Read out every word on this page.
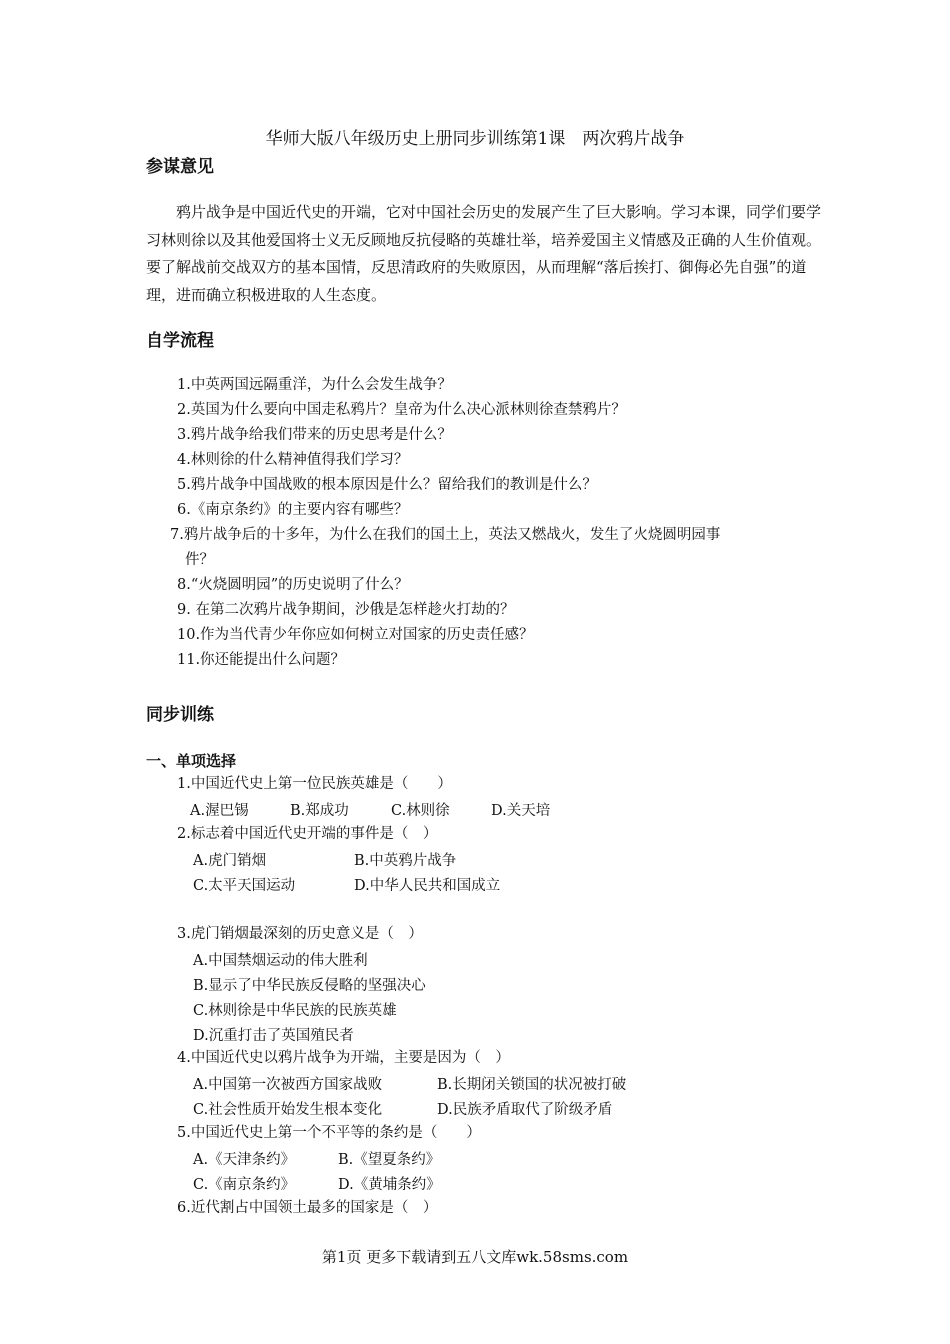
华师大版八年级历史上册同步训练第1课　两次鸦片战争
参谋意见
鸦片战争是中国近代史的开端，它对中国社会历史的发展产生了巨大影响。学习本课，同学们要学习林则徐以及其他爱国将士义无反顾地反抗侵略的英雄壮举，培养爱国主义情感及正确的人生价值观。要了解战前交战双方的基本国情，反思清政府的失败原因，从而理解“落后挨打、御侮必先自强”的道理，进而确立积极进取的人生态度。
自学流程
1.中英两国远隔重洋，为什么会发生战争？
2.英国为什么要向中国走私鸦片？皇帝为什么决心派林则徐查禁鸦片？
3.鸦片战争给我们带来的历史思考是什么？
4.林则徐的什么精神值得我们学习？
5.鸦片战争中国战败的根本原因是什么？留给我们的教训是什么？
6.《南京条约》的主要内容有哪些？
7.鸦片战争后的十多年，为什么在我们的国土上，英法又燃战火，发生了火烧圆明园事
件？
8.“火烧圆明园”的历史说明了什么？
9. 在第二次鸦片战争期间，沙俄是怎样趁火打劫的？
10.作为当代青少年你应如何树立对国家的历史责任感？
11.你还能提出什么问题？
同步训练
一、单项选择
1.中国近代史上第一位民族英雄是（　　）
A.渥巴锡	B.郑成功	C.林则徐	D.关天培
2.标志着中国近代史开端的事件是（　）
A.虎门销烟	B.中英鸦片战争
C.太平天国运动	D.中华人民共和国成立
3.虎门销烟最深刻的历史意义是（　）
A.中国禁烟运动的伟大胜利
B.显示了中华民族反侵略的坚强决心
C.林则徐是中华民族的民族英雄
D.沉重打击了英国殖民者
4.中国近代史以鸦片战争为开端，主要是因为（　）
A.中国第一次被西方国家战败	B.长期闭关锁国的状况被打破
C.社会性质开始发生根本变化	D.民族矛盾取代了阶级矛盾
5.中国近代史上第一个不平等的条约是（　　）
A.《天津条约》	B.《望夏条约》
C.《南京条约》	D.《黄埔条约》
6.近代割占中国领土最多的国家是（　）
第1页 更多下载请到五八文库wk.58sms.com
